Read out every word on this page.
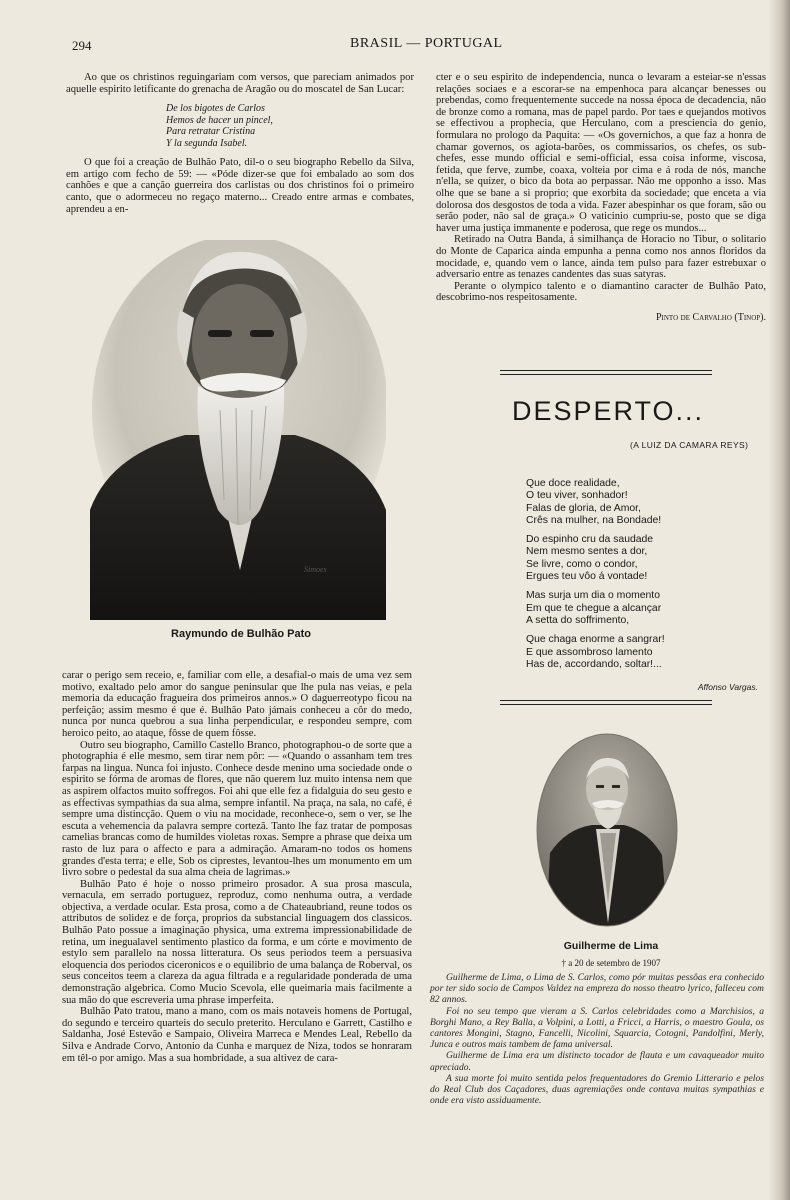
294	BRASIL — PORTUGAL

Ao que os christinos reguingariam com versos, que pareciam animados por aquelle espirito letificante do grenacha de Aragão ou do moscatel de San Lucar:

De los bigotes de Carlos
Hemos de hacer un pincel,
Para retratar Cristina
Y la segunda Isabel.

O que foi a creação de Bulhão Pato, dil-o o seu biographo Rebello da Silva, em artigo com fecho de 59: — «Póde dizer-se que foi embalado ao som dos canhões e que a canção guerreira dos carlistas ou dos christinos foi o primeiro canto, que o adormeceu no regaço materno... Creado entre armas e combates, aprendeu a en-

Simoes
Raymundo de Bulhão Pato

carar o perigo sem receio, e, familiar com elle, a desafial-o mais de uma vez sem motivo, exaltado pelo amor do sangue peninsular que lhe pula nas veias, e pela memoria da educação fragueira dos primeiros annos.» O daguerreotypo ficou na perfeição; assim mesmo é que é. Bulhão Pato jámais conheceu a côr do medo, nunca por nunca quebrou a sua linha perpendicular, e respondeu sempre, com heroico peito, ao ataque, fôsse de quem fôsse.

Outro seu biographo, Camillo Castello Branco, photographou-o de sorte que a photographia é elle mesmo, sem tirar nem pôr: — «Quando o assanham tem tres farpas na lingua. Nunca foi injusto. Conhece desde menino uma sociedade onde o espirito se fórma de aromas de flores, que não querem luz muito intensa nem que as aspirem olfactos muito soffregos. Foi ahi que elle fez a fidalguia do seu gesto e as effectivas sympathias da sua alma, sempre infantil. Na praça, na sala, no café, é sempre uma distincção. Quem o viu na mocidade, reconhece-o, sem o ver, se lhe escuta a vehemencia da palavra sempre cortezã. Tanto lhe faz tratar de pomposas camelias brancas como de humildes violetas roxas. Sempre a phrase que deixa um rasto de luz para o affecto e para a admiração. Amaram-no todos os homens grandes d'esta terra; e elle, Sob os ciprestes, levantou-lhes um monumento em um livro sobre o pedestal da sua alma cheia de lagrimas.»

Bulhão Pato é hoje o nosso primeiro prosador. A sua prosa mascula, vernacula, em serrado portuguez, reproduz, como nenhuma outra, a verdade objectiva, a verdade ocular. Esta prosa, como a de Chateaubriand, reune todos os attributos de solidez e de força, proprios da substancial linguagem dos classicos. Bulhão Pato possue a imaginação physica, uma extrema impressionabilidade de retina, um inegualavel sentimento plastico da forma, e um córte e movimento de estylo sem parallelo na nossa litteratura. Os seus periodos teem a persuasiva eloquencia dos periodos ciceronicos e o equilibrio de uma balança de Roberval, os seus conceitos teem a clareza da agua filtrada e a regularidade ponderada de uma demonstração algebrica. Como Mucio Scevola, elle queimaria mais facilmente a sua mão do que escreveria uma phrase imperfeita.

Bulhão Pato tratou, mano a mano, com os mais notaveis homens de Portugal, do segundo e terceiro quarteis do seculo preterito. Herculano e Garrett, Castilho e Saldanha, José Estevão e Sampaio, Oliveira Marreca e Mendes Leal, Rebello da Silva e Andrade Corvo, Antonio da Cunha e marquez de Niza, todos se honraram em têl-o por amigo. Mas a sua hombridade, a sua altivez de cara-

cter e o seu espirito de independencia, nunca o levaram a esteiar-se n'essas relações sociaes e a escorar-se na empenhoca para alcançar benesses ou prebendas, como frequentemente succede na nossa época de decadencia, não de bronze como a romana, mas de papel pardo. Por taes e quejandos motivos se effectivou a prophecia, que Herculano, com a presciencia do genio, formulara no prologo da Paquita: — «Os governichos, a que faz a honra de chamar governos, os agiota-barões, os commissarios, os chefes, os sub-chefes, esse mundo official e semi-official, essa coisa informe, viscosa, fetida, que ferve, zumbe, coaxa, volteia por cima e á roda de nós, manche n'ella, se quizer, o bico da bota ao perpassar. Não me opponho a isso. Mas olhe que se bane a si proprio; que exorbita da sociedade; que enceta a via dolorosa dos desgostos de toda a vida. Fazer abespinhar os que foram, são ou serão poder, não sal de graça.» O vaticinio cumpriu-se, posto que se diga haver uma justiça immanente e poderosa, que rege os mundos...

Retirado na Outra Banda, á similhança de Horacio no Tibur, o solitario do Monte de Caparica ainda empunha a penna como nos annos floridos da mocidade, e, quando vem o lance, ainda tem pulso para fazer estrebuxar o adversario entre as tenazes candentes das suas satyras.

Perante o olympico talento e o diamantino caracter de Bulhão Pato, descobrimo-nos respeitosamente.

Pinto de Carvalho (Tinop).
DESPERTO...
(A LUIZ DA CAMARA REYS)
Que doce realidade,
O teu viver, sonhador!
Falas de gloria, de Amor,
Crês na mulher, na Bondade!
Do espinho cru da saudade
Nem mesmo sentes a dor,
Se livre, como o condor,
Ergues teu vôo á vontade!
Mas surja um dia o momento
Em que te chegue a alcançar
A setta do soffrimento,
Que chaga enorme a sangrar!
E que assombroso lamento
Has de, accordando, soltar!...
Affonso Vargas.
Guilherme de Lima
† a 20 de setembro de 1907

Guilherme de Lima, o Lima de S. Carlos, como pór muitas pessôas era conhecido por ter sido socio de Campos Valdez na empreza do nosso theatro lyrico, falleceu com 82 annos.

Foi no seu tempo que vieram a S. Carlos celebridades como a Marchisios, a Borghi Mano, a Rey Balla, a Volpini, a Lotti, a Fricci, a Harris, o maestro Goula, os cantores Mongini, Stagno, Fancelli, Nicolini, Squarcia, Cotogni, Pandolfini, Merly, Junca e outros mais tambem de fama universal.

Guilherme de Lima era um distincto tocador de flauta e um cavaqueador muito apreciado.

A sua morte foi muito sentida pelos frequentadores do Gremio Litterario e pelos do Real Club dos Caçadores, duas agremiações onde contava muitas sympathias e onde era visto assiduamente.
